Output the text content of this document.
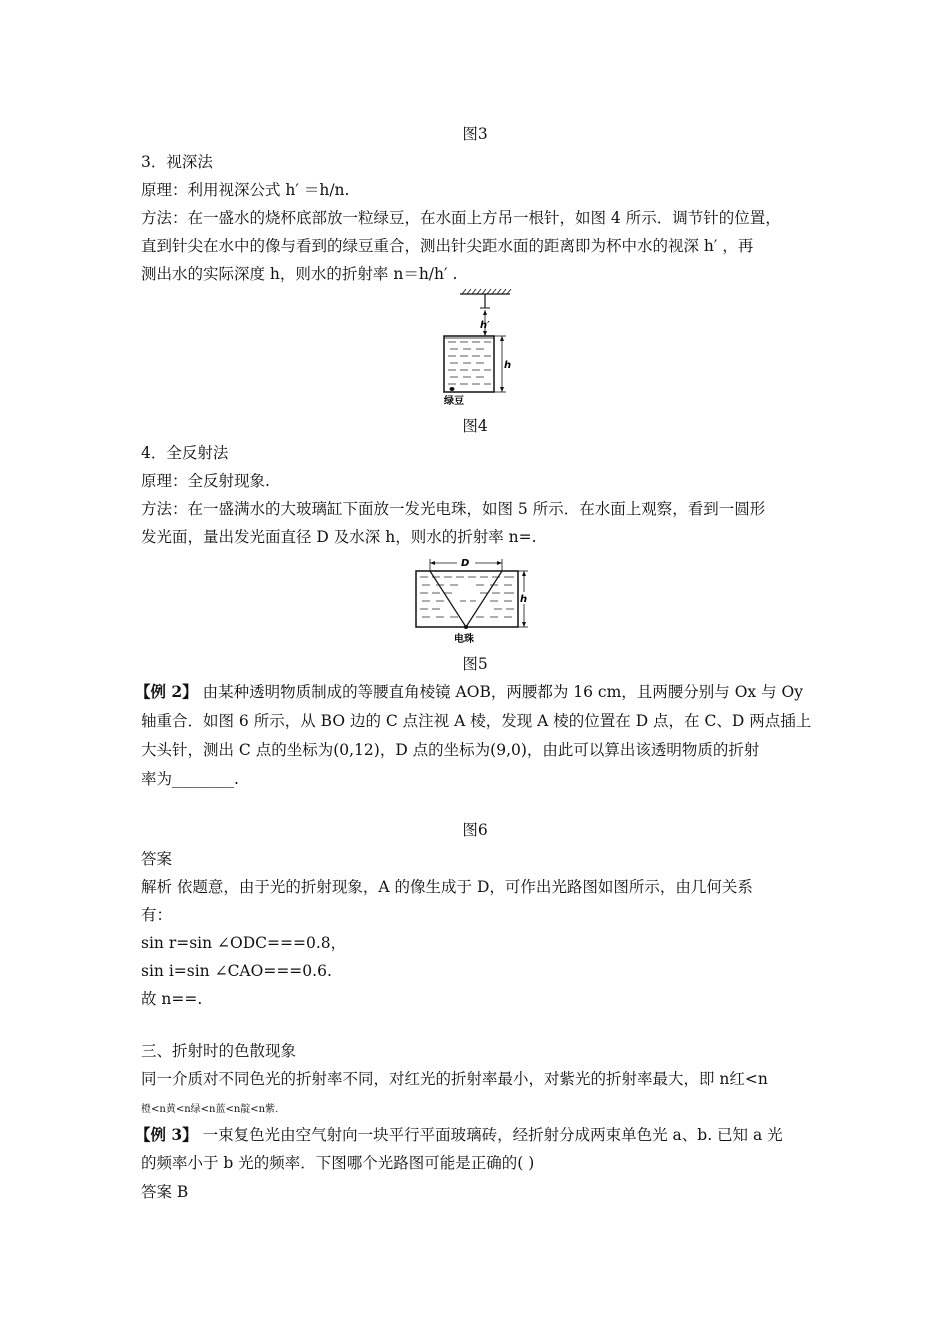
图3
3．视深法
原理：利用视深公式 h′ ＝h/n.
方法：在一盛水的烧杯底部放一粒绿豆，在水面上方吊一根针，如图 4 所示．调节针的位置，
直到针尖在水中的像与看到的绿豆重合，测出针尖距水面的距离即为杯中水的视深 h′ ，再
测出水的实际深度 h，则水的折射率 n＝h/h′ .
h′
h
绿豆
图4
4．全反射法
原理：全反射现象.
方法：在一盛满水的大玻璃缸下面放一发光电珠，如图 5 所示．在水面上观察，看到一圆形
发光面，量出发光面直径 D 及水深 h，则水的折射率 n=.
D
h
电珠
图5
【例 2】 由某种透明物质制成的等腰直角棱镜 AOB，两腰都为 16 cm，且两腰分别与 Ox 与 Oy
轴重合．如图 6 所示，从 BO 边的 C 点注视 A 棱，发现 A 棱的位置在 D 点，在 C、D 两点插上
大头针，测出 C 点的坐标为(0,12)，D 点的坐标为(9,0)，由此可以算出该透明物质的折射
率为________.
图6
答案
解析 依题意，由于光的折射现象，A 的像生成于 D，可作出光路图如图所示，由几何关系
有：
sin r=sin ∠ODC===0.8，
sin i=sin ∠CAO===0.6.
故 n==.
三、折射时的色散现象
同一介质对不同色光的折射率不同，对红光的折射率最小，对紫光的折射率最大，即 n红<n
橙<n黄<n绿<n蓝<n靛<n紫.
【例 3】 一束复色光由空气射向一块平行平面玻璃砖，经折射分成两束单色光 a、b. 已知 a 光
的频率小于 b 光的频率．下图哪个光路图可能是正确的( )
答案 B
